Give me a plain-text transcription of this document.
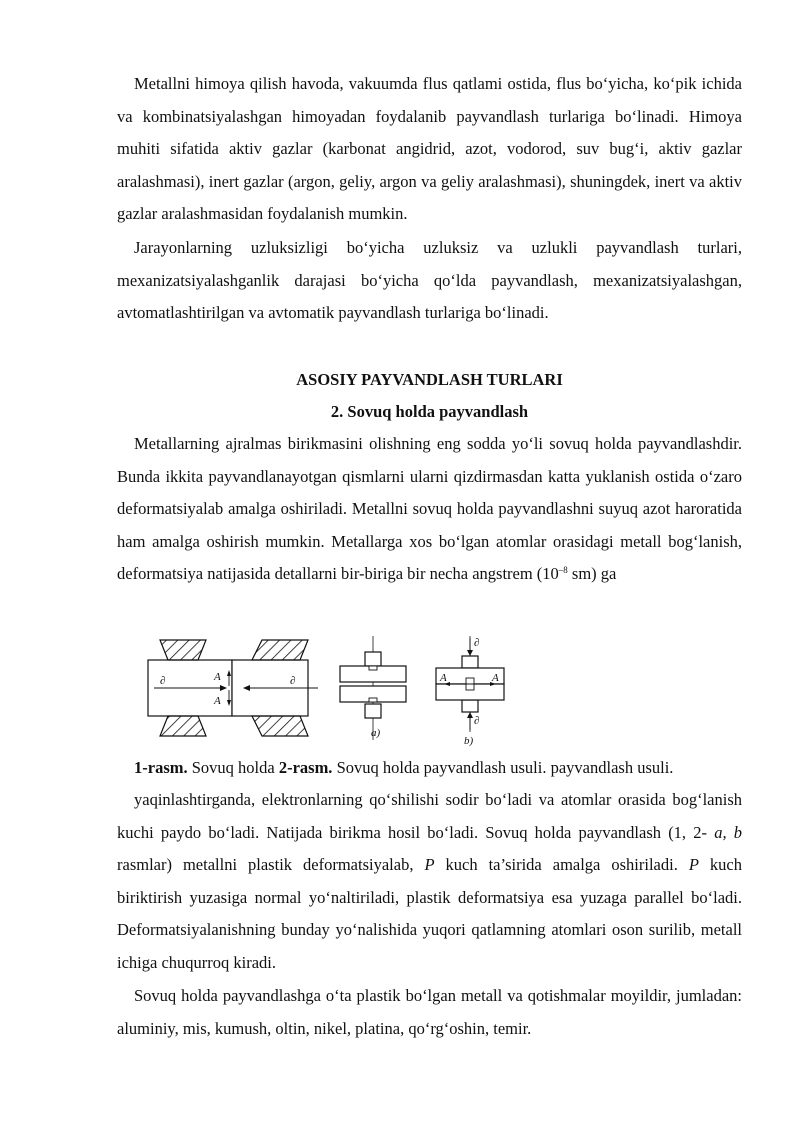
Metallni himoya qilish havoda, vakuumda flus qatlami ostida, flus bo‘yicha, ko‘pik ichida va kombinatsiyalashgan himoyadan foydalanib payvandlash turlariga bo‘linadi. Himoya muhiti sifatida aktiv gazlar (karbonat angidrid, azot, vodorod, suv bug‘i, aktiv gazlar aralashmasi), inert gazlar (argon, geliy, argon va geliy aralashmasi), shuningdek, inert va aktiv gazlar aralashmasidan foydalanish mumkin.

Jarayonlarning uzluksizligi bo‘yicha uzluksiz va uzlukli payvandlash turlari, mexanizatsiyalashganlik darajasi bo‘yicha qo‘lda payvandlash, mexanizatsiyalashgan, avtomatlashtirilgan va avtomatik payvandlash turlariga bo‘linadi.

ASOSIY PAYVANDLASH TURLARI

2. Sovuq holda payvandlash

Metallarning ajralmas birikmasini olishning eng sodda yo‘li sovuq holda payvandlashdir. Bunda ikkita payvandlanayotgan qismlarni ularni qizdirmasdan katta yuklanish ostida o‘zaro deformatsiyalab amalga oshiriladi. Metallni sovuq holda payvandlashni suyuq azot haroratida ham amalga oshirish mumkin. Metallarga xos bo‘lgan atomlar orasidagi metall bog‘lanish, deformatsiya natijasida detallarni bir-biriga bir necha angstrem ($10^{-8}$ sm) ga

∂	∂
A
A
a)
∂
∂
A	A
b)

1-rasm. Sovuq holda 2-rasm. Sovuq holda payvandlash usuli. payvandlash usuli.

yaqinlashtirganda, elektronlarning qo‘shilishi sodir bo‘ladi va atomlar orasida bog‘lanish kuchi paydo bo‘ladi. Natijada birikma hosil bo‘ladi. Sovuq holda payvandlash (1, 2- a, b rasmlar) metallni plastik deformatsiyalab, P kuch ta’sirida amalga oshiriladi. P kuch biriktirish yuzasiga normal yo‘naltiriladi, plastik deformatsiya esa yuzaga parallel bo‘ladi. Deformatsiyalanishning bunday yo‘nalishida yuqori qatlamning atomlari oson surilib, metall ichiga chuqurroq kiradi.

Sovuq holda payvandlashga o‘ta plastik bo‘lgan metall va qotishmalar moyildir, jumladan: aluminiy, mis, kumush, oltin, nikel, platina, qo‘rg‘oshin, temir.
